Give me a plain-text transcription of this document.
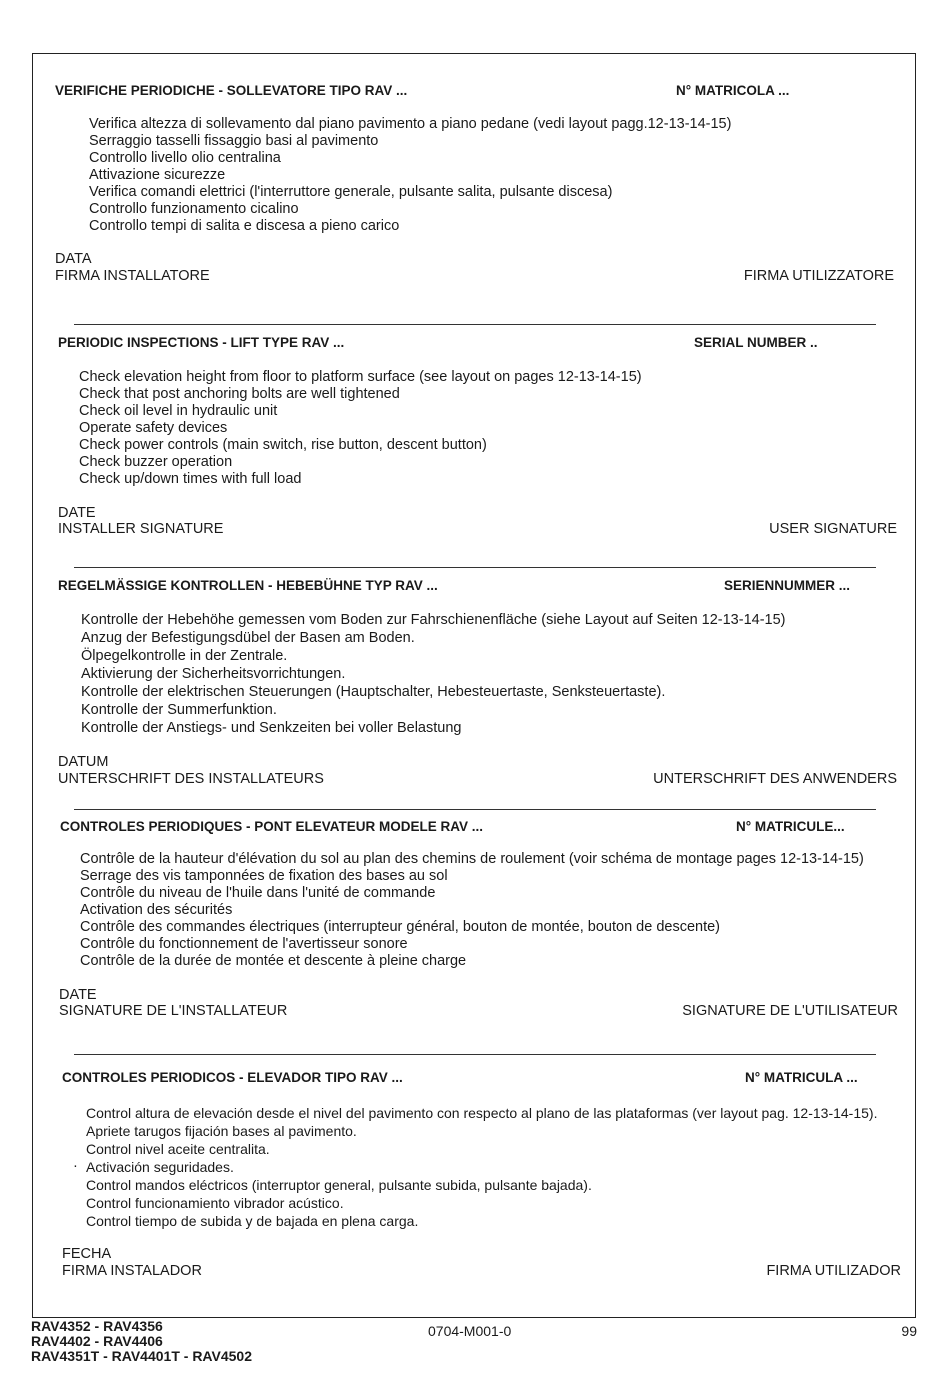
VERIFICHE PERIODICHE - SOLLEVATORE TIPO RAV ...	N° MATRICOLA ...
Verifica altezza di sollevamento dal piano pavimento a piano pedane (vedi layout pagg.12-13-14-15)
Serraggio tasselli fissaggio basi al pavimento
Controllo livello olio centralina
Attivazione sicurezze
Verifica comandi elettrici (l'interruttore generale, pulsante salita, pulsante discesa)
Controllo funzionamento cicalino
Controllo tempi di salita e discesa a pieno carico
DATA
FIRMA INSTALLATORE	FIRMA UTILIZZATORE
PERIODIC INSPECTIONS - LIFT TYPE RAV ...	SERIAL NUMBER ..
Check elevation height from floor to platform surface (see layout on pages 12-13-14-15)
Check that post anchoring bolts are well tightened
Check oil level in hydraulic unit
Operate safety devices
Check power controls (main switch, rise button, descent button)
Check buzzer operation
Check up/down times with full load
DATE
INSTALLER SIGNATURE	USER SIGNATURE
REGELMÄSSIGE KONTROLLEN - HEBEBÜHNE TYP RAV ...	SERIENNUMMER ...
Kontrolle der Hebehöhe gemessen vom Boden zur Fahrschienenfläche (siehe Layout auf Seiten 12-13-14-15)
Anzug der Befestigungsdübel der Basen am Boden.
Ölpegelkontrolle in der Zentrale.
Aktivierung der Sicherheitsvorrichtungen.
Kontrolle der elektrischen Steuerungen (Hauptschalter, Hebesteuertaste, Senksteuertaste).
Kontrolle der Summerfunktion.
Kontrolle der Anstiegs- und Senkzeiten bei voller Belastung
DATUM
UNTERSCHRIFT DES INSTALLATEURS	UNTERSCHRIFT DES ANWENDERS
CONTROLES PERIODIQUES - PONT ELEVATEUR MODELE RAV ...	N° MATRICULE...
Contrôle de la hauteur d'élévation du sol au plan des chemins de roulement (voir schéma de montage pages 12-13-14-15)
Serrage des vis tamponnées de fixation des bases au sol
Contrôle du niveau de l'huile dans l'unité de commande
Activation des sécurités
Contrôle des commandes électriques (interrupteur général, bouton de montée, bouton de descente)
Contrôle du fonctionnement de l'avertisseur sonore
Contrôle de la durée de montée et descente à pleine charge
DATE
SIGNATURE DE L'INSTALLATEUR	SIGNATURE DE L'UTILISATEUR
CONTROLES PERIODICOS - ELEVADOR TIPO RAV ...	N° MATRICULA ...
·
Control altura de elevación desde el nivel del pavimento con respecto al plano de las plataformas (ver layout pag. 12-13-14-15).
Apriete tarugos fijación bases al pavimento.
Control nivel aceite centralita.
Activación seguridades.
Control mandos eléctricos (interruptor general, pulsante subida, pulsante bajada).
Control funcionamiento vibrador acústico.
Control tiempo de subida y de bajada en plena carga.
FECHA
FIRMA INSTALADOR	FIRMA UTILIZADOR
RAV4352 - RAV4356
RAV4402 - RAV4406
RAV4351T - RAV4401T - RAV4502
0704-M001-0	99
